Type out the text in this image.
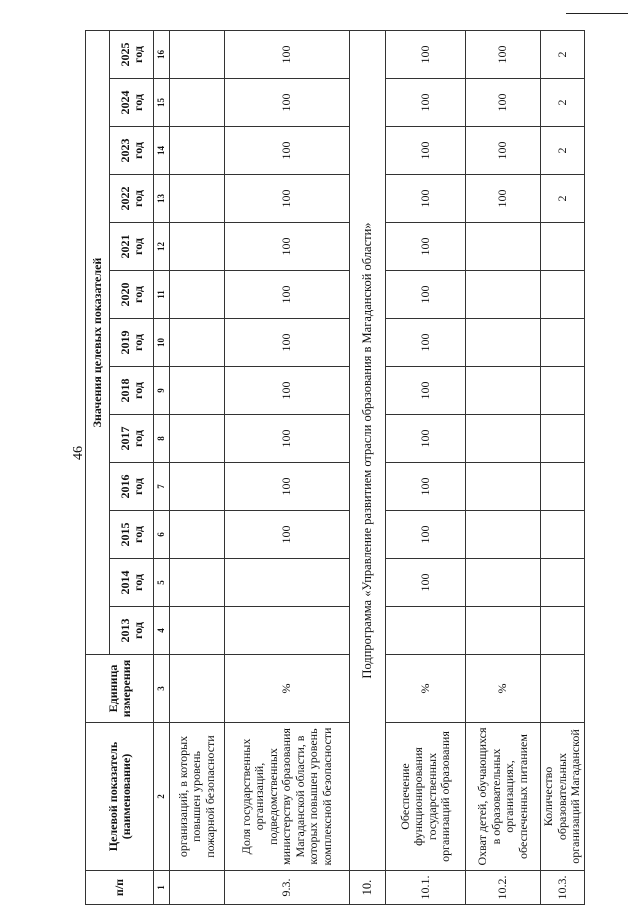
46
п/п	Целевой показатель (наименование)	Единица измерения	Значения целевых показателей												
			2013 год	2014 год	2015 год	2016 год	2017 год	2018 год	2019 год	2020 год	2021 год	2022 год	2023 год	2024 год	2025 год
1	2	3	4	5	6	7	8	9	10	11	12	13	14	15	16
	организаций, в которых повышен уровень пожарной безопасности														
9.3.	Доля государственных организаций, подведомственных министерству образования Магаданской области, в которых повышен уровень комплексной безопасности	%			100	100	100	100	100	100	100	100	100	100	100
10.	Подпрограмма «Управление развитием отрасли образования в Магаданской области»														
10.1.	Обеспечение функционирования государственных организаций образования	%		100	100	100	100	100	100	100	100	100	100	100	100
10.2.	Охват детей, обучающихся в образовательных организациях, обеспеченных питанием	%										100	100	100	100
10.3.	Количество образовательных организаций Магаданской											2	2	2	2
